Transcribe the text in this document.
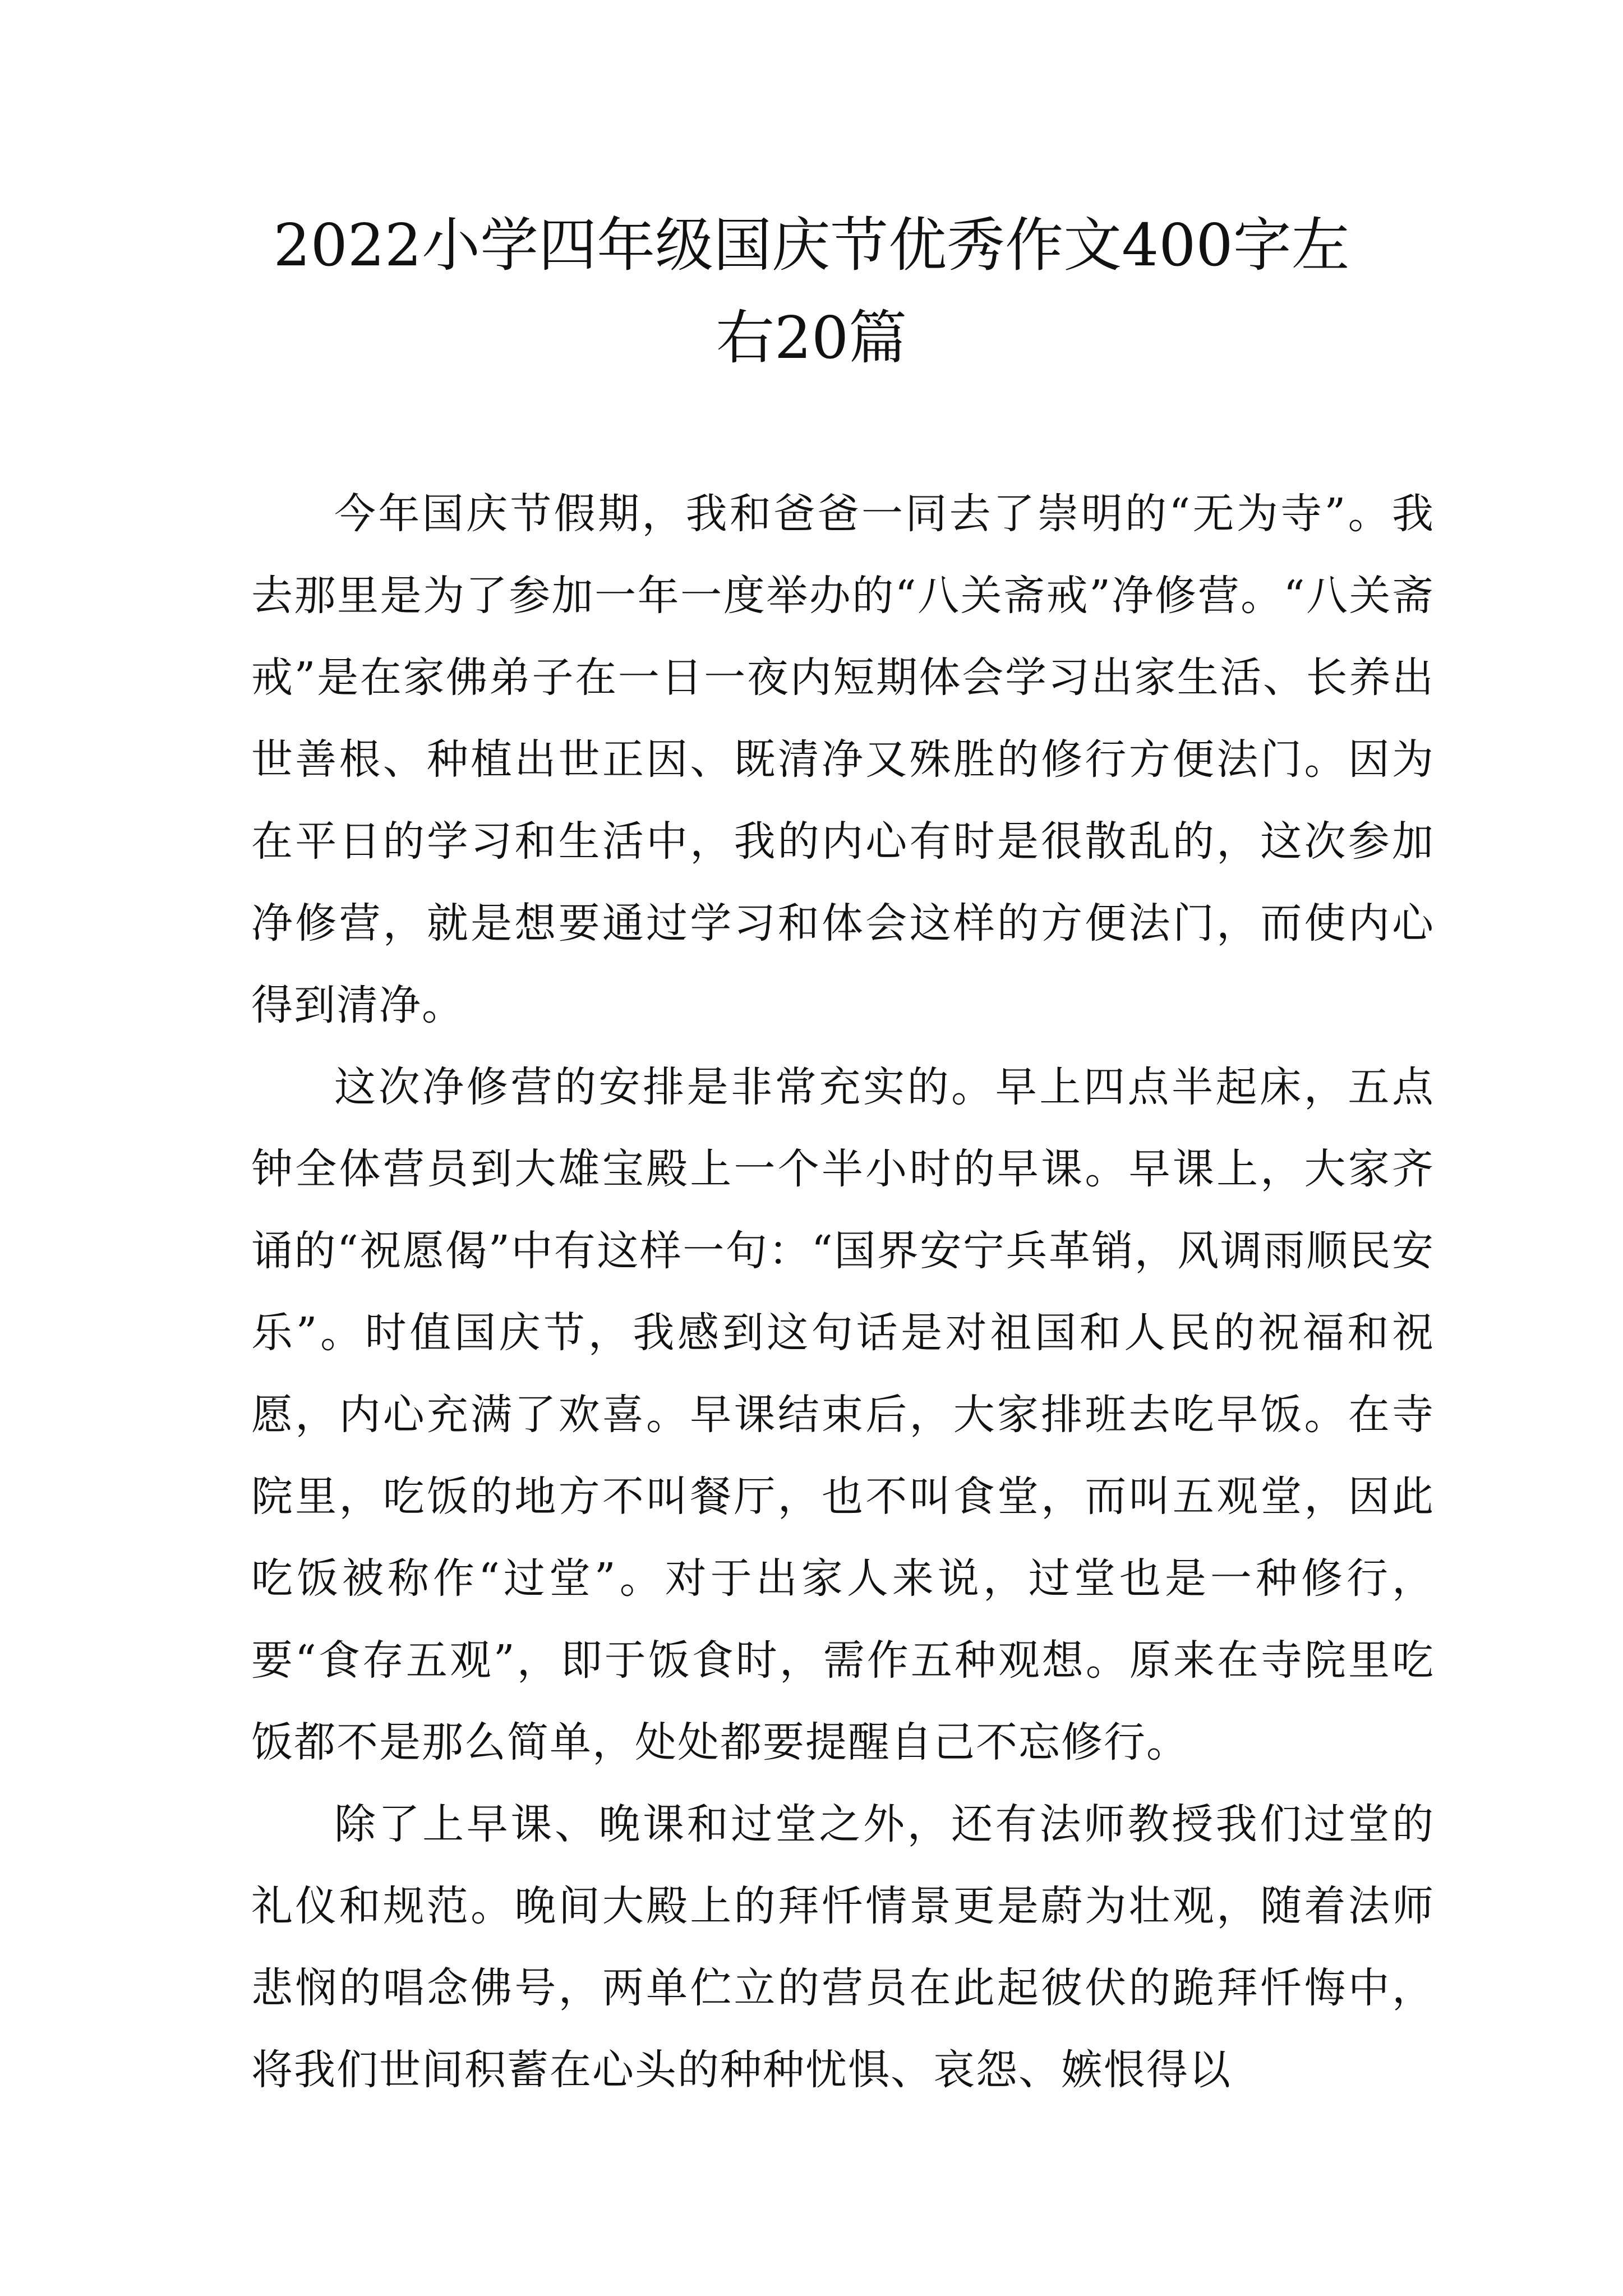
2022小学四年级国庆节优秀作文400字左
右20篇

今年国庆节假期，我和爸爸一同去了崇明的“无为寺”。我去那里是为了参加一年一度举办的“八关斋戒”净修营。“八关斋戒”是在家佛弟子在一日一夜内短期体会学习出家生活、长养出世善根、种植出世正因、既清净又殊胜的修行方便法门。因为在平日的学习和生活中，我的内心有时是很散乱的，这次参加净修营，就是想要通过学习和体会这样的方便法门，而使内心得到清净。

这次净修营的安排是非常充实的。早上四点半起床，五点钟全体营员到大雄宝殿上一个半小时的早课。早课上，大家齐诵的“祝愿偈”中有这样一句：“国界安宁兵革销，风调雨顺民安乐”。时值国庆节，我感到这句话是对祖国和人民的祝福和祝愿，内心充满了欢喜。早课结束后，大家排班去吃早饭。在寺院里，吃饭的地方不叫餐厅，也不叫食堂，而叫五观堂，因此吃饭被称作“过堂”。对于出家人来说，过堂也是一种修行，要“食存五观”，即于饭食时，需作五种观想。原来在寺院里吃饭都不是那么简单，处处都要提醒自己不忘修行。

除了上早课、晚课和过堂之外，还有法师教授我们过堂的礼仪和规范。晚间大殿上的拜忏情景更是蔚为壮观，随着法师悲悯的唱念佛号，两单伫立的营员在此起彼伏的跪拜忏悔中，将我们世间积蓄在心头的种种忧惧、哀怨、嫉恨得以
